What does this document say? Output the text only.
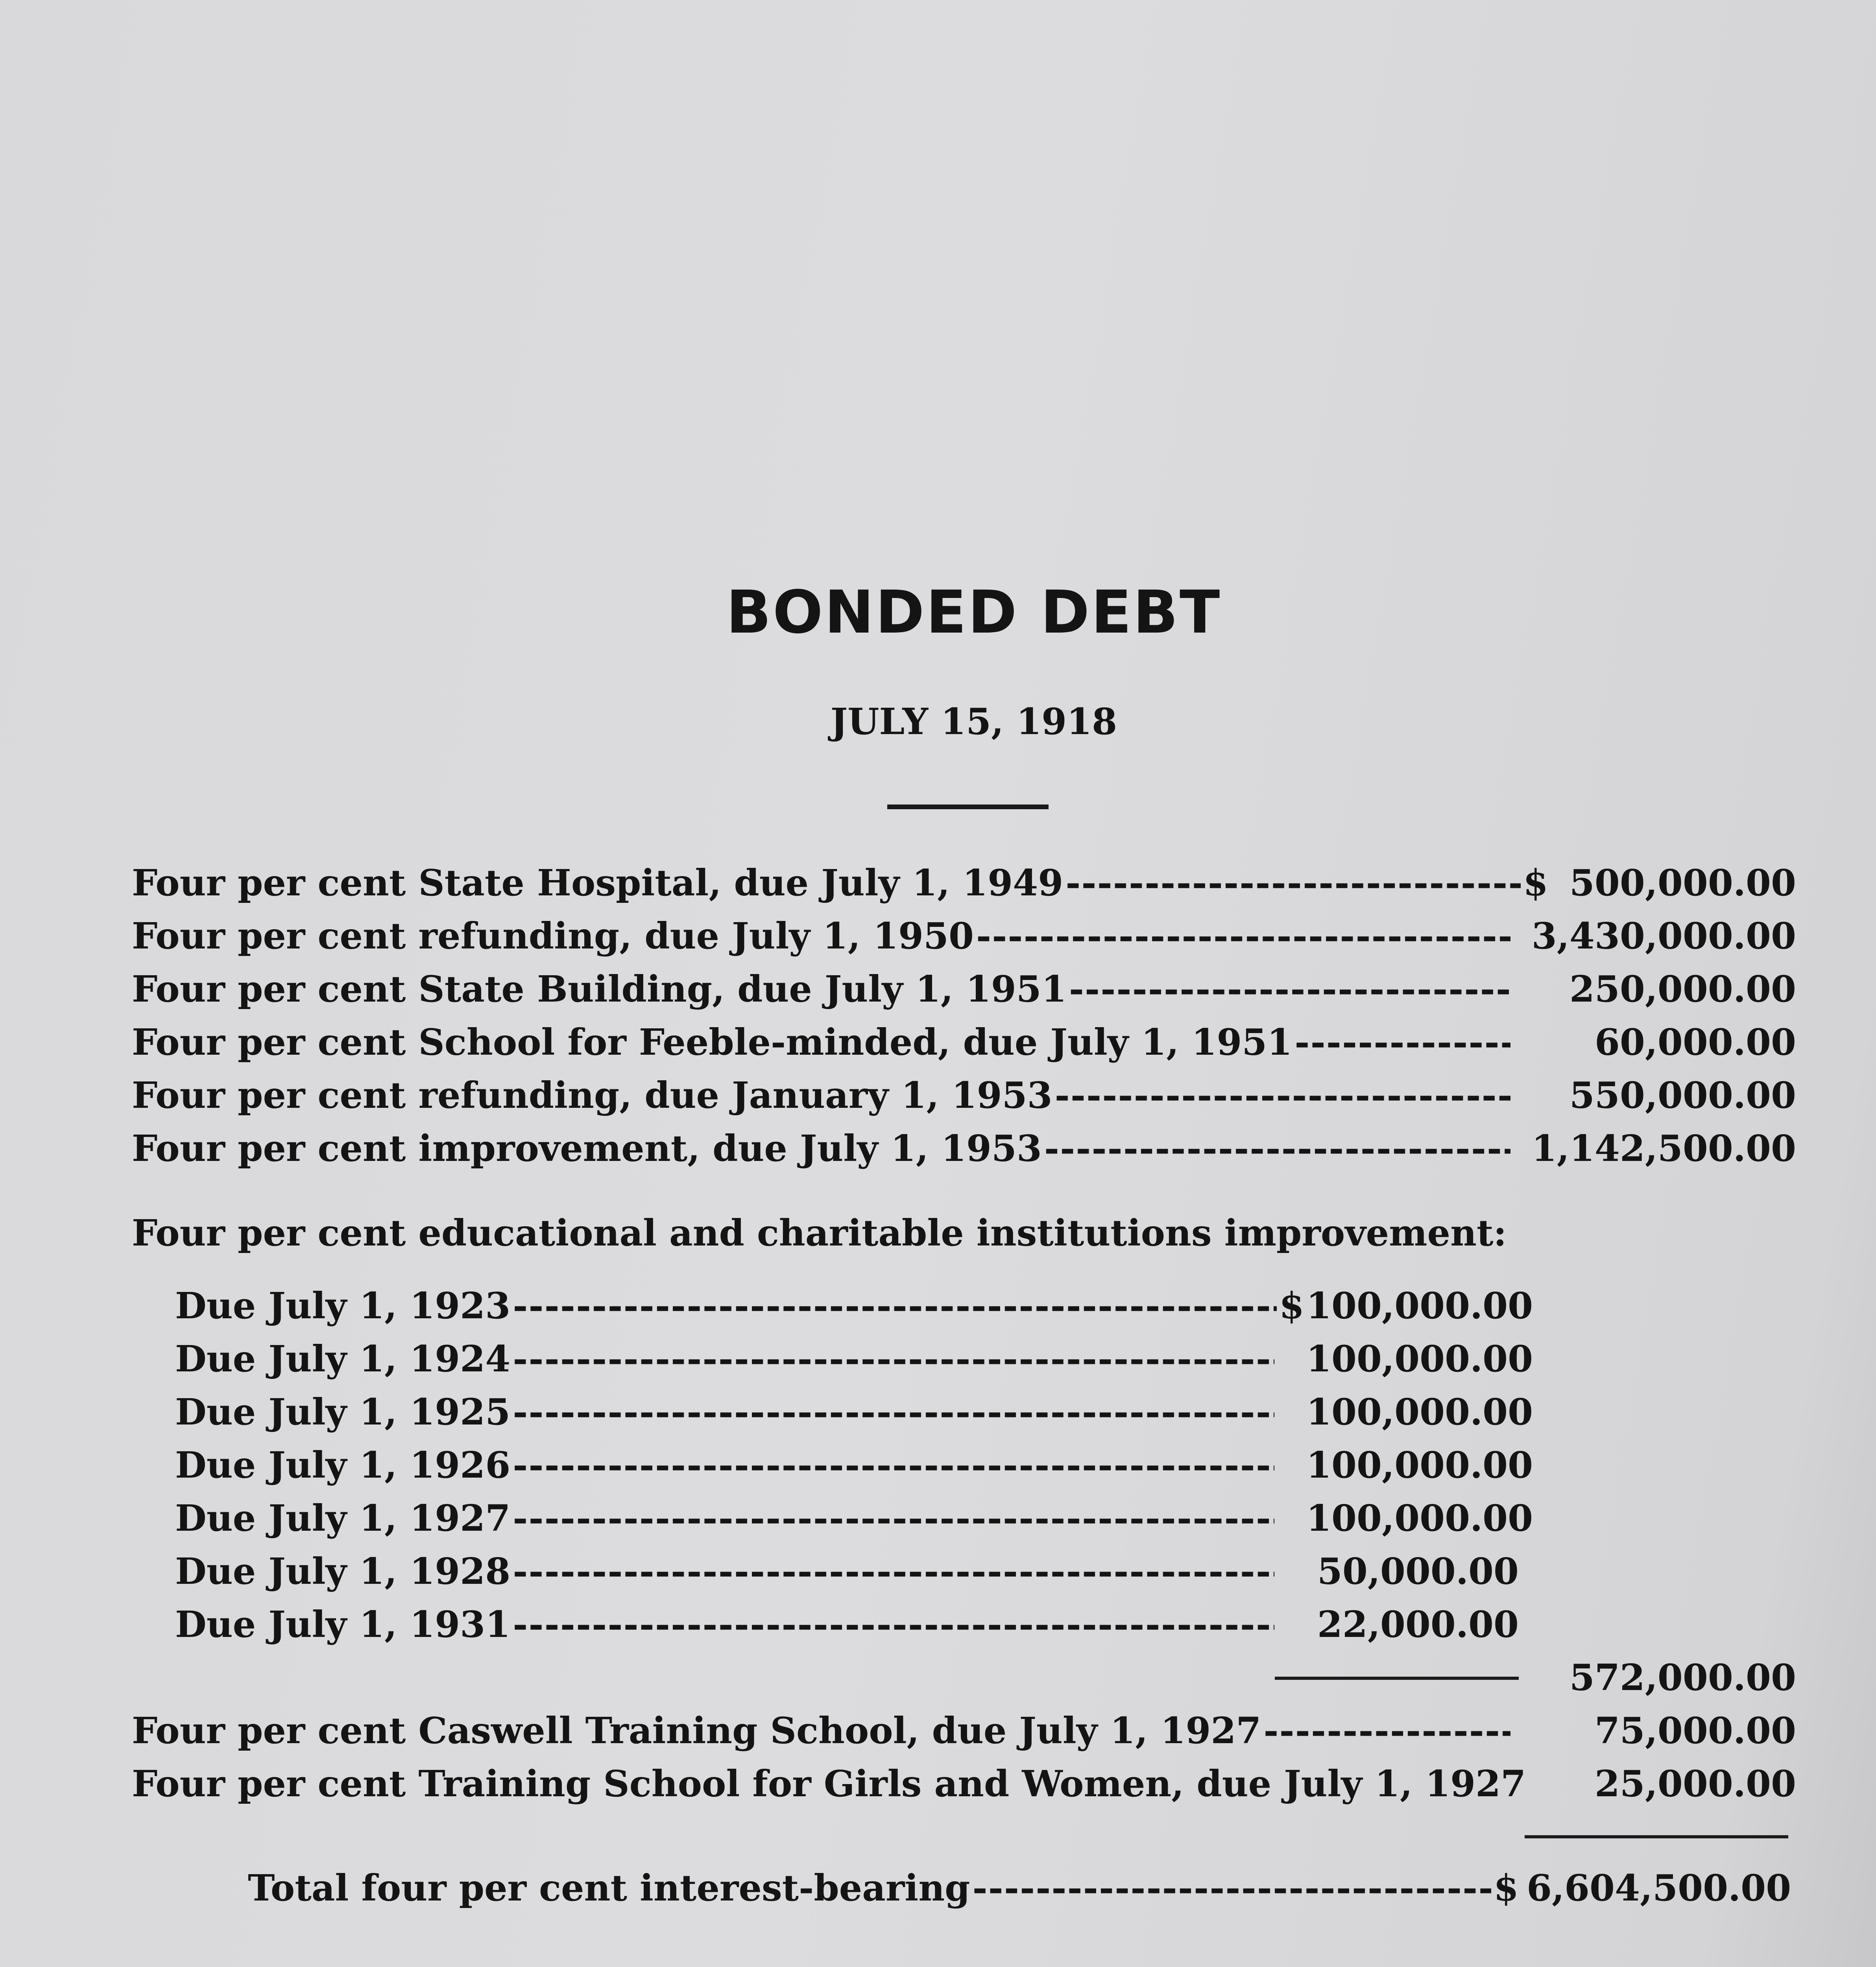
BONDED DEBT
JULY 15, 1918
Four per cent State Hospital, due July 1, 1949 -----	$ 500,000.00
Four per cent refunding, due July 1, 1950 -----	3,430,000.00
Four per cent State Building, due July 1, 1951 -----	250,000.00
Four per cent School for Feeble-minded, due July 1, 1951 -----	60,000.00
Four per cent refunding, due January 1, 1953 -----	550,000.00
Four per cent improvement, due July 1, 1953 -----	1,142,500.00
Four per cent educational and charitable institutions improvement:
Due July 1, 1923 -----	$ 100,000.00
Due July 1, 1924 -----	100,000.00
Due July 1, 1925 -----	100,000.00
Due July 1, 1926 -----	100,000.00
Due July 1, 1927 -----	100,000.00
Due July 1, 1928 -----	50,000.00
Due July 1, 1931 -----	22,000.00
572,000.00
Four per cent Caswell Training School, due July 1, 1927 -----	75,000.00
Four per cent Training School for Girls and Women, due July 1, 1927	25,000.00
Total four per cent interest-bearing -----	$ 6,604,500.00
